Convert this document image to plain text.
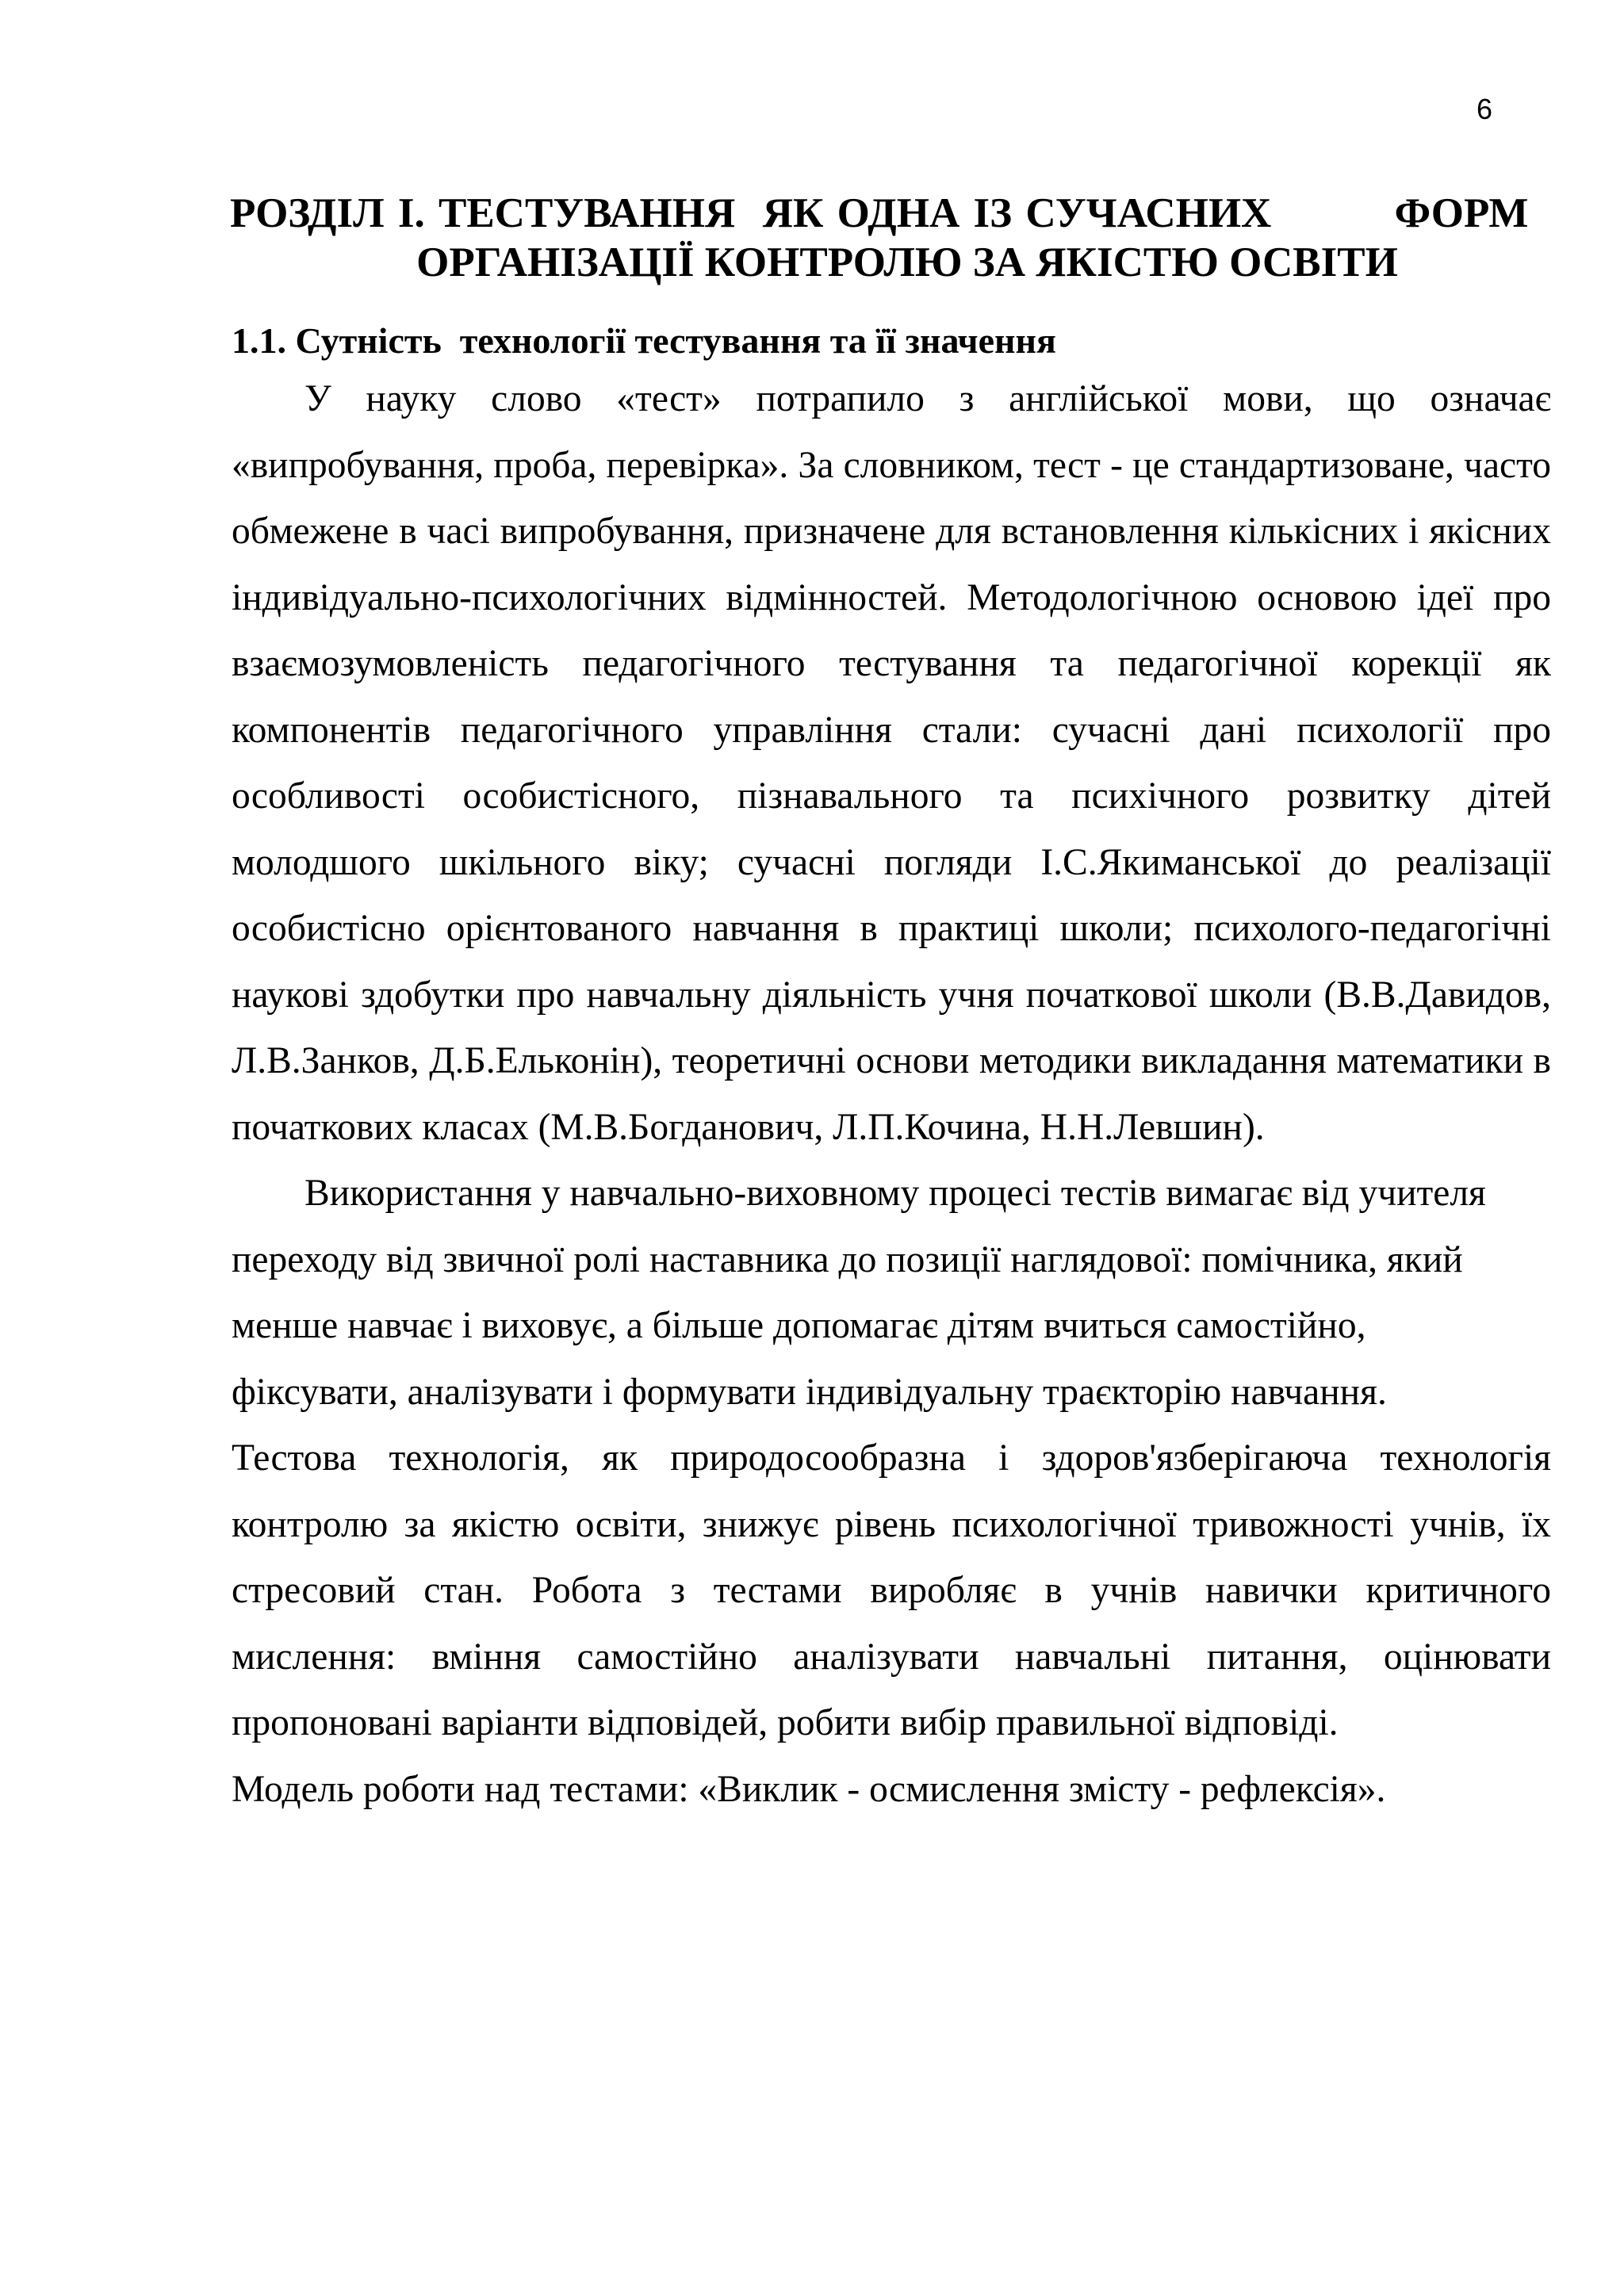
6
РОЗДІЛ І. ТЕСТУВАННЯ  ЯК ОДНА ІЗ СУЧАСНИХ         ФОРМ
ОРГАНІЗАЦІЇ КОНТРОЛЮ ЗА ЯКІСТЮ ОСВІТИ
1.1. Сутність  технології тестування та її значення

У науку слово «тест» потрапило з англійської мови, що означає «випробування, проба, перевірка». За словником, тест - це стандартизоване, часто обмежене в часі випробування, призначене для встановлення кількісних і якісних індивідуально-психологічних відмінностей. Методологічною основою ідеї про взаємозумовленість педагогічного тестування та педагогічної корекції як компонентів педагогічного управління стали: сучасні дані психології про особливості особистісного, пізнавального та психічного розвитку дітей молодшого шкільного віку; сучасні погляди І.С.Якиманської до реалізації особистісно орієнтованого навчання в практиці школи; психолого-педагогічні наукові здобутки про навчальну діяльність учня початкової школи (В.В.Давидов, Л.В.Занков, Д.Б.Ельконін), теоретичні основи методики викладання математики в початкових класах (М.В.Богданович, Л.П.Кочина, Н.Н.Левшин).

Використання у навчально-виховному процесі тестів вимагає від учителя переходу від звичної ролі наставника до позиції наглядової: помічника, який менше навчає і виховує, а більше допомагає дітям вчиться самостійно,

фіксувати, аналізувати і формувати індивідуальну траєкторію навчання.

Тестова технологія, як природосообразна і здоров'язберігаюча технологія контролю за якістю освіти, знижує рівень психологічної тривожності учнів, їх стресовий стан. Робота з тестами виробляє в учнів навички критичного мислення: вміння самостійно аналізувати навчальні питання, оцінювати пропоновані варіанти відповідей, робити вибір правильної відповіді.

Модель роботи над тестами: «Виклик - осмислення змісту - рефлексія».
